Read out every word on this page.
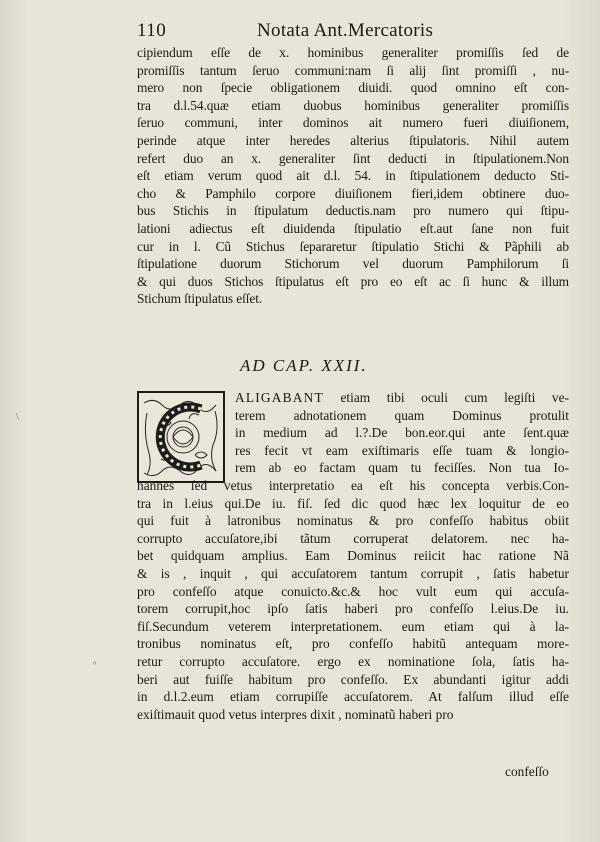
110	Notata Ant.Mercatoris
cipiendum eſſe de x. hominibus generaliter promiſſis ſed de
promiſſis tantum ſeruo communi:nam ſi alij ſint promiſſi , nu-
mero non ſpecie obligationem diuidi. quod omnino eſt con-
tra d.l.54.quæ etiam duobus hominibus generaliter promiſſis
ſeruo communi, inter dominos ait numero fueri diuiſionem,
perinde atque inter heredes alterius ſtipulatoris. Nihil autem
refert duo an x. generaliter ſint deducti in ſtipulationem.Non
eſt etiam verum quod ait d.l. 54. in ſtipulationem deducto Sti-
cho & Pamphilo corpore diuiſionem fieri,idem obtinere duo-
bus Stichis in ſtipulatum deductis.nam pro numero qui ſtipu-
lationi adiectus eſt diuidenda ſtipulatio eſt.aut ſane non fuit
cur in l. Cũ Stichus ſepararetur ſtipulatio Stichi & Pãphili ab
ſtipulatione duorum Stichorum vel duorum Pamphilorum ſi
& qui duos Stichos ſtipulatus eſt pro eo eſt ac ſi hunc & illum
Stichum ſtipulatus eſſet.
AD CAP. XXII.
ALIGABANT etiam tibi oculi cum legiſti ve-
terem adnotationem quam Dominus protulit
in medium ad l.?.De bon.eor.qui ante ſent.quæ
res fecit vt eam exiſtimaris eſſe tuam & longio-
rem ab eo factam quam tu feciſſes. Non tua Io-
hannes ſed vetus interpretatio ea eſt his concepta verbis.Con-
tra in l.eius qui.De iu. fiſ. ſed dic quod hæc lex loquitur de eo
qui fuit à latronibus nominatus & pro confeſſo habitus obiit
corrupto accuſatore,ibi tãtum corruperat delatorem. nec ha-
bet quidquam amplius. Eam Dominus reiicit hac ratione Nã
& is , inquit , qui accuſatorem tantum corrupit , ſatis habetur
pro confeſſo atque conuicto.&c.& hoc vult eum qui accuſa-
torem corrupit,hoc ipſo ſatis haberi pro confeſſo l.eius.De iu.
fiſ.Secundum veterem interpretationem. eum etiam qui à la-
tronibus nominatus eſt, pro confeſſo habitũ antequam more-
retur corrupto accuſatore. ergo ex nominatione ſola, ſatis ha-
beri aut fuiſſe habitum pro confeſſo. Ex abundanti igitur addi
in d.l.2.eum etiam corrupiſſe accuſatorem. At falſum illud eſſe
exiſtimauit quod vetus interpres dixit , nominatũ haberi pro
confeſſo
\
º
